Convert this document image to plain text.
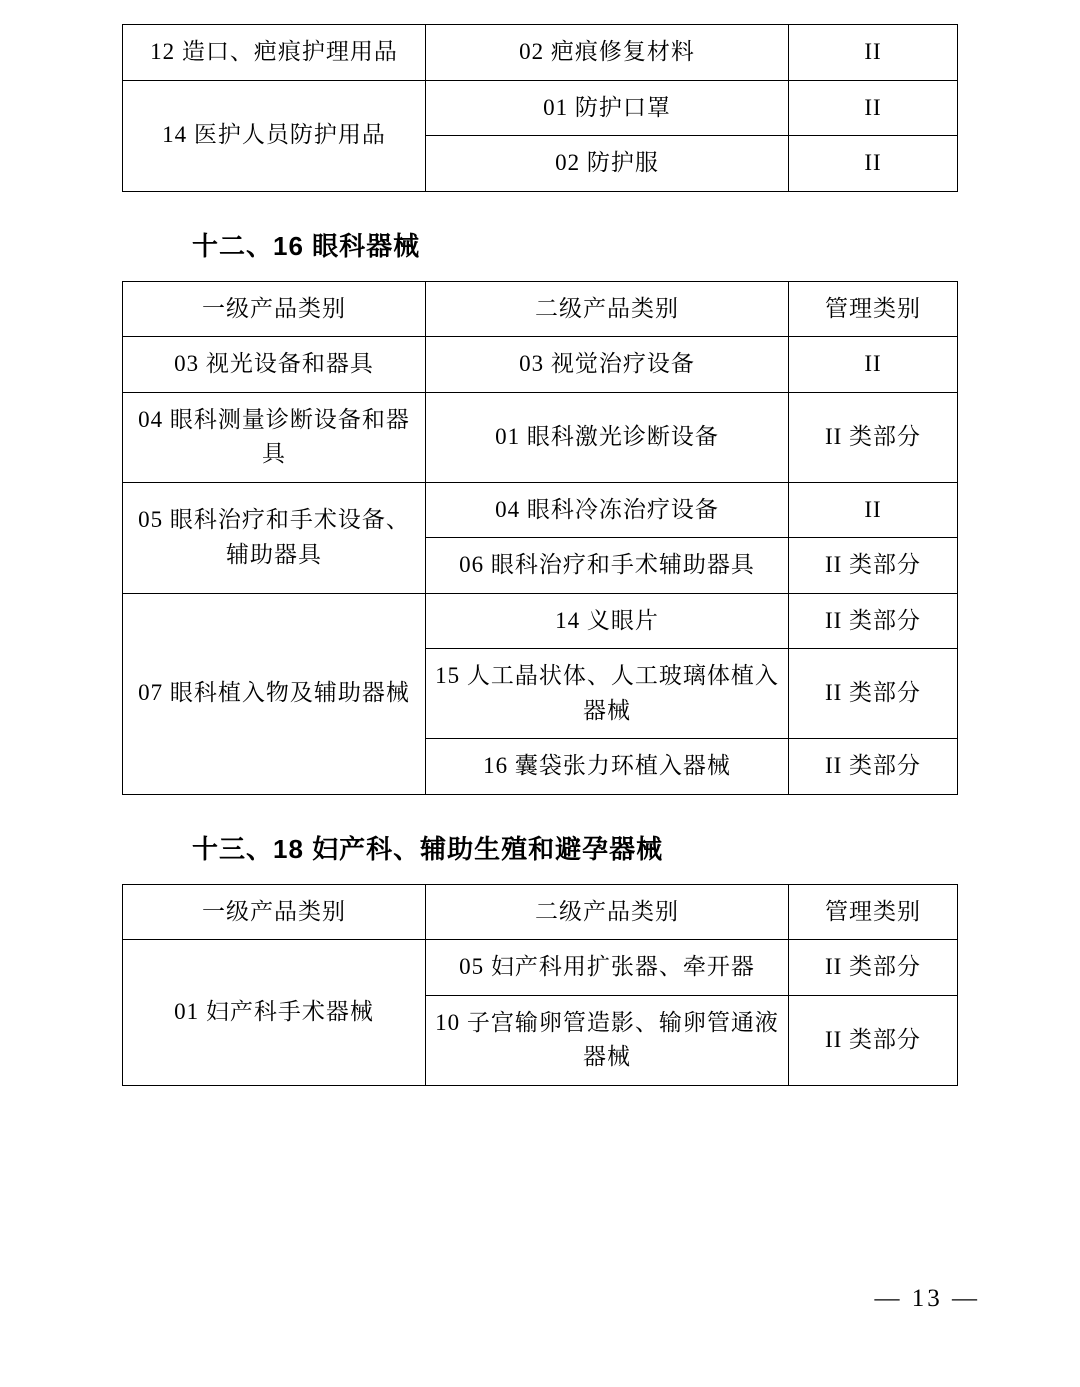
12 造口、疤痕护理用品	02 疤痕修复材料	II
14 医护人员防护用品	01 防护口罩	II
	02 防护服	II
十二、16 眼科器械
一级产品类别	二级产品类别	管理类别
03 视光设备和器具	03 视觉治疗设备	II
04 眼科测量诊断设备和器具	01 眼科激光诊断设备	II 类部分
05 眼科治疗和手术设备、辅助器具	04 眼科冷冻治疗设备	II
	06 眼科治疗和手术辅助器具	II 类部分
07 眼科植入物及辅助器械	14 义眼片	II 类部分
	15 人工晶状体、人工玻璃体植入器械	II 类部分
	16 囊袋张力环植入器械	II 类部分
十三、18 妇产科、辅助生殖和避孕器械
一级产品类别	二级产品类别	管理类别
01 妇产科手术器械	05 妇产科用扩张器、牵开器	II 类部分
	10 子宫输卵管造影、输卵管通液器械	II 类部分
— 13 —
